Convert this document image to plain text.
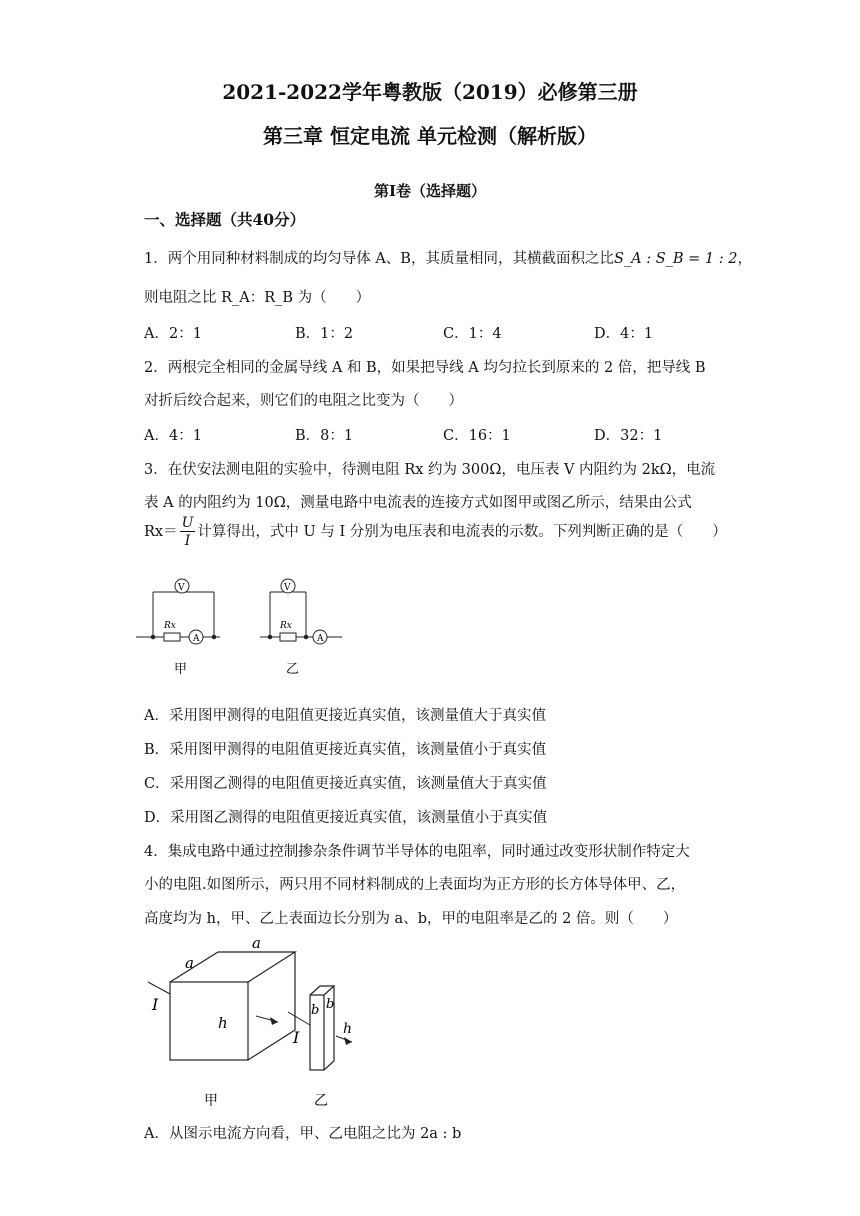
2021-2022学年粤教版（2019）必修第三册
第三章 恒定电流 单元检测（解析版）
第Ⅰ卷（选择题）
一、选择题（共40分）
1．两个用同种材料制成的均匀导体 A、B，其质量相同，其横截面积之比S_A : S_B = 1 : 2，
则电阻之比 R_A：R_B 为（　　）
A．2：1	B．1：2	C．1：4	D．4：1
2．两根完全相同的金属导线 A 和 B，如果把导线 A 均匀拉长到原来的 2 倍，把导线 B
对折后绞合起来，则它们的电阻之比变为（　　）
A．4：1	B．8：1	C．16：1	D．32：1
3．在伏安法测电阻的实验中，待测电阻 Rx 约为 300Ω，电压表 V 内阻约为 2kΩ，电流
表 A 的内阻约为 10Ω，测量电路中电流表的连接方式如图甲或图乙所示，结果由公式
$Rx= \frac{U}{I}$ 计算得出，式中 U 与 I 分别为电压表和电流表的示数。下列判断正确的是（　　）
V
A
Rx
甲
V
A
Rx
乙
A．采用图甲测得的电阻值更接近真实值，该测量值大于真实值
B．采用图甲测得的电阻值更接近真实值，该测量值小于真实值
C．采用图乙测得的电阻值更接近真实值，该测量值大于真实值
D．采用图乙测得的电阻值更接近真实值，该测量值小于真实值
4．集成电路中通过控制掺杂条件调节半导体的电阻率，同时通过改变形状制作特定大
小的电阻.如图所示，两只用不同材料制成的上表面均为正方形的长方体导体甲、乙，
高度均为 h，甲、乙上表面边长分别为 a、b，甲的电阻率是乙的 2 倍。则（　　）
a
a
I
h
b b
h
I
甲	乙
A．从图示电流方向看，甲、乙电阻之比为 2a : b
